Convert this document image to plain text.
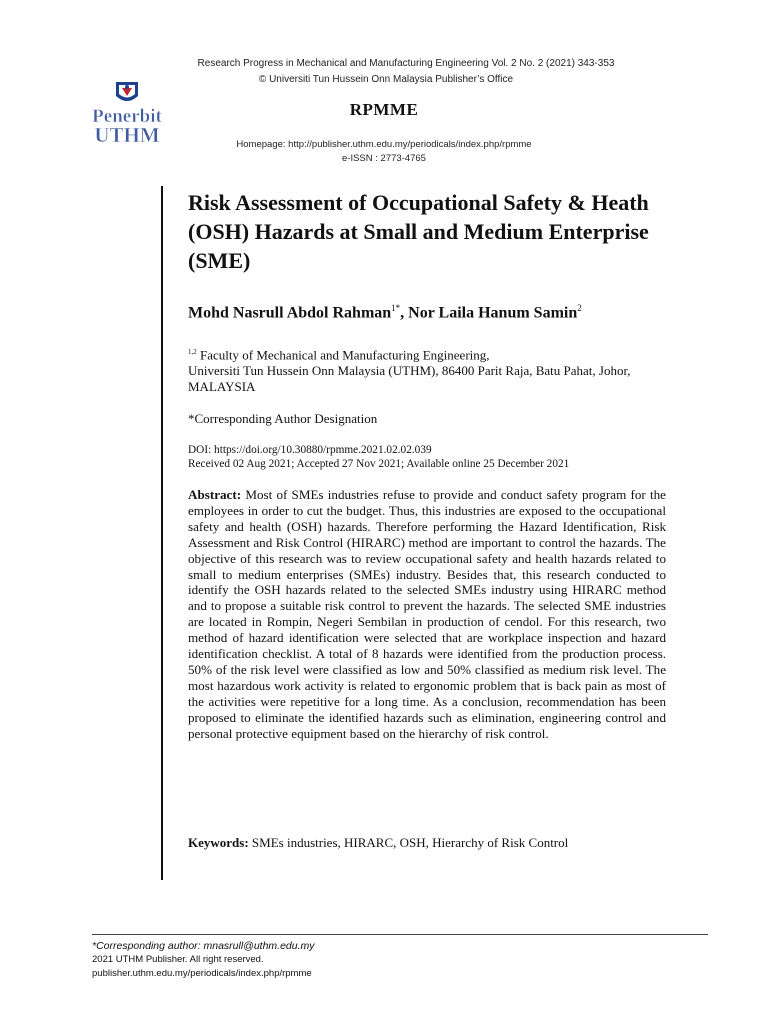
Penerbit
UTHM
Research Progress in Mechanical and Manufacturing Engineering Vol. 2 No. 2 (2021) 343-353
© Universiti Tun Hussein Onn Malaysia Publisher’s Office
RPMME
Homepage: http://publisher.uthm.edu.my/periodicals/index.php/rpmme
e-ISSN : 2773-4765
Risk Assessment of Occupational Safety & Heath (OSH) Hazards at Small and Medium Enterprise (SME)
Mohd Nasrull Abdol Rahman$^{1*}$, Nor Laila Hanum Samin$^2$
$^{1,2}$ Faculty of Mechanical and Manufacturing Engineering,
Universiti Tun Hussein Onn Malaysia (UTHM), 86400 Parit Raja, Batu Pahat, Johor, MALAYSIA
*Corresponding Author Designation
DOI: https://doi.org/10.30880/rpmme.2021.02.02.039
Received 02 Aug 2021; Accepted 27 Nov 2021; Available online 25 December 2021

Abstract: Most of SMEs industries refuse to provide and conduct safety program for the employees in order to cut the budget. Thus, this industries are exposed to the occupational safety and health (OSH) hazards. Therefore performing the Hazard Identification, Risk Assessment and Risk Control (HIRARC) method are important to control the hazards. The objective of this research was to review occupational safety and health hazards related to small to medium enterprises (SMEs) industry. Besides that, this research conducted to identify the OSH hazards related to the selected SMEs industry using HIRARC method and to propose a suitable risk control to prevent the hazards. The selected SME industries are located in Rompin, Negeri Sembilan in production of cendol. For this research, two method of hazard identification were selected that are workplace inspection and hazard identification checklist. A total of 8 hazards were identified from the production process. 50% of the risk level were classified as low and 50% classified as medium risk level. The most hazardous work activity is related to ergonomic problem that is back pain as most of the activities were repetitive for a long time. As a conclusion, recommendation has been proposed to eliminate the identified hazards such as elimination, engineering control and personal protective equipment based on the hierarchy of risk control.

Keywords: SMEs industries, HIRARC, OSH, Hierarchy of Risk Control
*Corresponding author: mnasrull@uthm.edu.my
2021 UTHM Publisher. All right reserved.
publisher.uthm.edu.my/periodicals/index.php/rpmme
